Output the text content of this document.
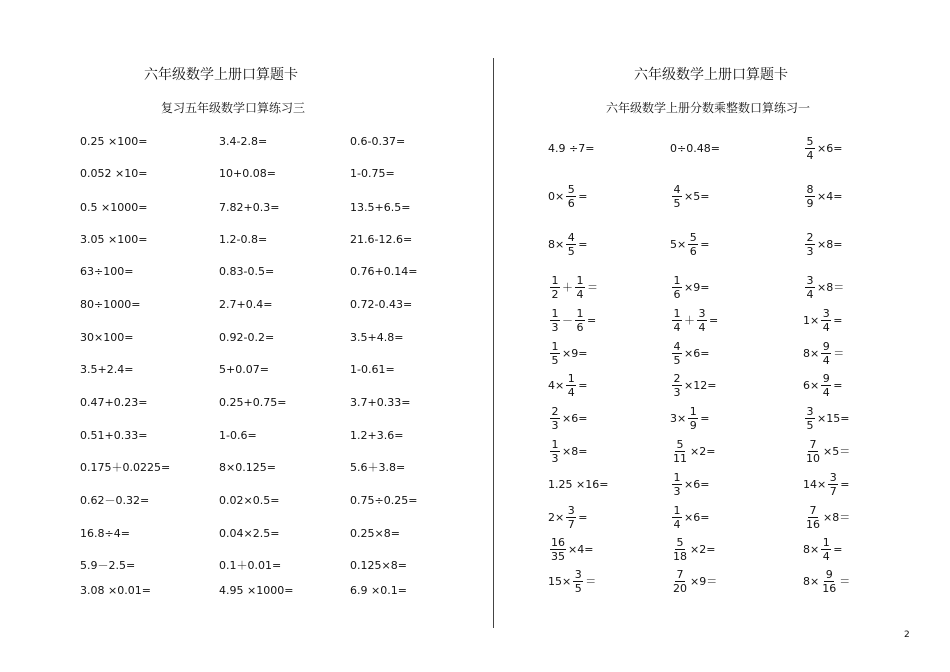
六年级数学上册口算题卡
复习五年级数学口算练习三
0.25 ×100=	3.4-2.8=	0.6-0.37=
0.052 ×10=	10+0.08=	1-0.75=
0.5 ×1000=	7.82+0.3=	13.5+6.5=
3.05 ×100=	1.2-0.8=	21.6-12.6=
63÷100=	0.83-0.5=	0.76+0.14=
80÷1000=	2.7+0.4=	0.72-0.43=
30×100=	0.92-0.2=	3.5+4.8=
3.5+2.4=	5+0.07=	1-0.61=
0.47+0.23=	0.25+0.75=	3.7+0.33=
0.51+0.33=	1-0.6=	1.2+3.6=
0.175＋0.0225=	8×0.125=	5.6＋3.8=
0.62－0.32=	0.02×0.5=	0.75÷0.25=
16.8÷4=	0.04×2.5=	0.25×8=
5.9－2.5=	0.1＋0.01=	0.125×8=
3.08 ×0.01=	4.95 ×1000=	6.9 ×0.1=
六年级数学上册口算题卡
六年级数学上册分数乘整数口算练习一
4.9 ÷7=	0÷0.48=	$\frac{5}{4} \times 6=$
$0\times \frac{5}{6}$ =	$\frac{4}{5} \times 5=$	$\frac{8}{9} \times 4=$
$8\times \frac{4}{5}$ =	$5\times \frac{5}{6}$ =	$\frac{2}{3} \times 8=$
$\frac{1}{2} + \frac{1}{4}$ ＝	$\frac{1}{6} \times 9=$	$\frac{3}{4} \times 8=$
$\frac{1}{3} - \frac{1}{6}$ =	$\frac{1}{4} + \frac{3}{4}$ =	$1\times \frac{3}{4}$ =
$\frac{1}{5} \times 9=$	$\frac{4}{5} \times 6=$	$8\times \frac{9}{4}$ ＝
$4\times \frac{1}{4}$ =	$\frac{2}{3} \times 12=$	$6\times \frac{9}{4}$ =
$\frac{2}{3} \times 6=$	$3\times \frac{1}{9}$ =	$\frac{3}{5} \times 15=$
$\frac{1}{3} \times 8=$	$\frac{5}{11} \times 2=$	$\frac{7}{10} \times 5=$
1.25 ×16=	$\frac{1}{3} \times 6=$	$14\times \frac{3}{7}$ =
$2\times \frac{3}{7}$ =	$\frac{1}{4} \times 6=$	$\frac{7}{16} \times 8=$
$\frac{16}{35} \times 4=$	$\frac{5}{18} \times 2=$	$8\times \frac{1}{4}$ =
$15\times \frac{3}{5}$ ＝	$\frac{7}{20} \times 9=$	$8\times \frac{9}{16}$ ＝
2
